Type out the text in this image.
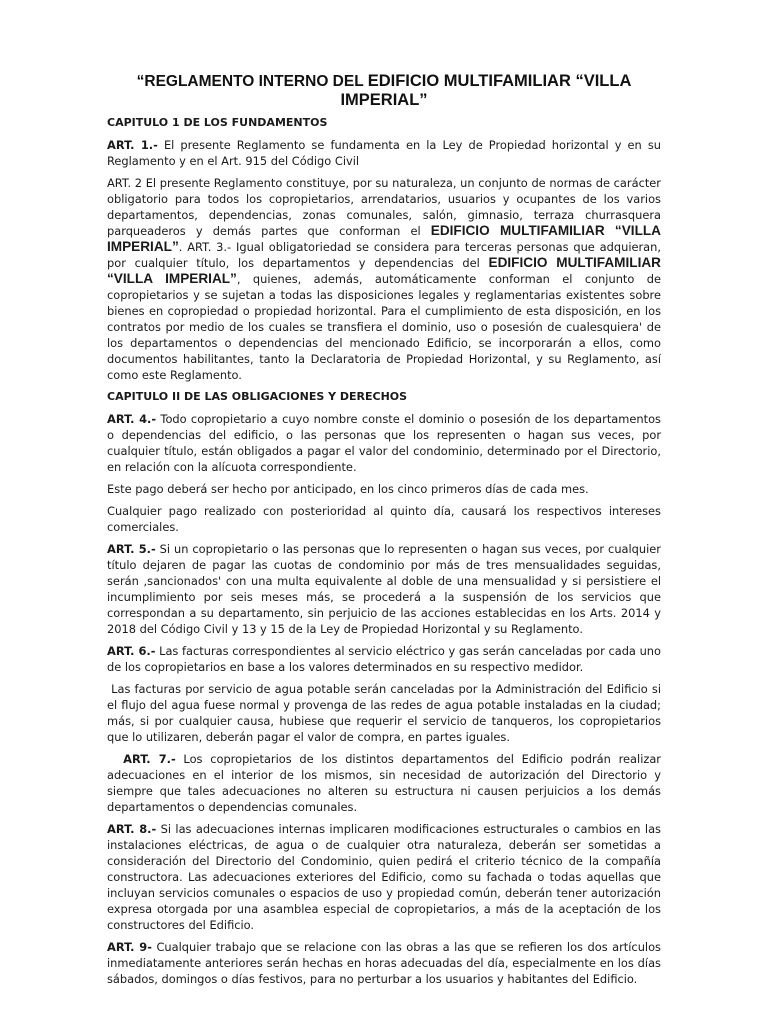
“REGLAMENTO INTERNO DEL EDIFICIO MULTIFAMILIAR “VILLA IMPERIAL”

CAPITULO 1 DE LOS FUNDAMENTOS

ART. 1.- El presente Reglamento se fundamenta en la Ley de Propiedad horizontal y en su Reglamento y en el Art. 915 del Código Civil

ART. 2 El presente Reglamento constituye, por su naturaleza, un conjunto de normas de carácter obligatorio para todos los copropietarios, arrendatarios, usuarios y ocupantes de los varios departamentos, dependencias, zonas comunales, salón, gimnasio, terraza churrasquera parqueaderos y demás partes que conforman el EDIFICIO MULTIFAMILIAR “VILLA IMPERIAL”. ART. 3.- Igual obligatoriedad se considera para terceras personas que adquieran, por cualquier título, los departamentos y dependencias del EDIFICIO MULTIFAMILIAR “VILLA IMPERIAL”, quienes, además, automáticamente conforman el conjunto de copropietarios y se sujetan a todas las disposiciones legales y reglamentarias existentes sobre bienes en copropiedad o propiedad horizontal. Para el cumplimiento de esta disposición, en los contratos por medio de los cuales se transfiera el dominio, uso o posesión de cualesquiera' de los departamentos o dependencias del mencionado Edificio, se incorporarán a ellos, como documentos habilitantes, tanto la Declaratoria de Propiedad Horizontal, y su Reglamento, así como este Reglamento.

CAPITULO II DE LAS OBLIGACIONES Y DERECHOS

ART. 4.- Todo copropietario a cuyo nombre conste el dominio o posesión de los departamentos o dependencias del edificio, o las personas que los representen o hagan sus veces, por cualquier título, están obligados a pagar el valor del condominio, determinado por el Directorio, en relación con la alícuota correspondiente.

Este pago deberá ser hecho por anticipado, en los cinco primeros días de cada mes.

Cualquier pago realizado con posterioridad al quinto día, causará los respectivos intereses comerciales.

ART. 5.- Si un copropietario o las personas que lo representen o hagan sus veces, por cualquier título dejaren de pagar las cuotas de condominio por más de tres mensualidades seguidas, serán ,sancionados' con una multa equivalente al doble de una mensualidad y si persistiere el incumplimiento por seis meses más, se procederá a la suspensión de los servicios que correspondan a su departamento, sin perjuicio de las acciones establecidas en los Arts. 2014 y 2018 del Código Civil y 13 y 15 de la Ley de Propiedad Horizontal y su Reglamento.

ART. 6.- Las facturas correspondientes al servicio eléctrico y gas serán canceladas por cada uno de los copropietarios en base a los valores determinados en su respectivo medidor.

Las facturas por servicio de agua potable serán canceladas por la Administración del Edificio si el flujo del agua fuese normal y provenga de las redes de agua potable instaladas en la ciudad; más, si por cualquier causa, hubiese que requerir el servicio de tanqueros, los copropietarios que lo utilizaren, deberán pagar el valor de compra, en partes iguales.

ART. 7.- Los copropietarios de los distintos departamentos del Edificio podrán realizar adecuaciones en el interior de los mismos, sin necesidad de autorización del Directorio y siempre que tales adecuaciones no alteren su estructura ni causen perjuicios a los demás departamentos o dependencias comunales.

ART. 8.- Si las adecuaciones internas implicaren modificaciones estructurales o cambios en las instalaciones eléctricas, de agua o de cualquier otra naturaleza, deberán ser sometidas a consideración del Directorio del Condominio, quien pedirá el criterio técnico de la compañía constructora. Las adecuaciones exteriores del Edificio, como su fachada o todas aquellas que incluyan servicios comunales o espacios de uso y propiedad común, deberán tener autorización expresa otorgada por una asamblea especial de copropietarios, a más de la aceptación de los constructores del Edificio.

ART. 9- Cualquier trabajo que se relacione con las obras a las que se refieren los dos artículos inmediatamente anteriores serán hechas en horas adecuadas del día, especialmente en los días sábados, domingos o días festivos, para no perturbar a los usuarios y habitantes del Edificio.
